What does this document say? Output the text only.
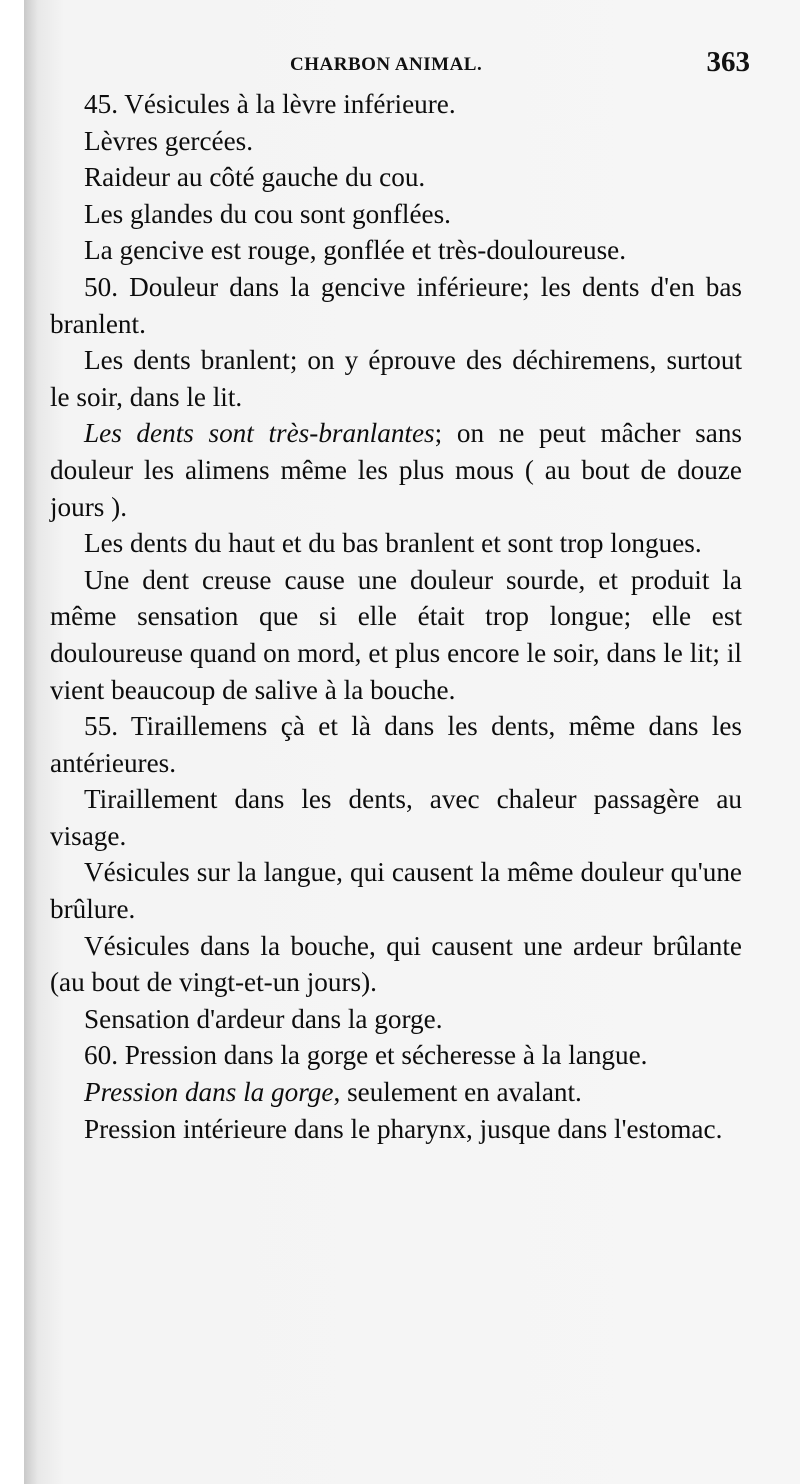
CHARBON ANIMAL.	363

45. Vésicules à la lèvre inférieure.

Lèvres gercées.

Raideur au côté gauche du cou.

Les glandes du cou sont gonflées.

La gencive est rouge, gonflée et très-douloureuse.

50. Douleur dans la gencive inférieure; les dents d'en bas branlent.

Les dents branlent; on y éprouve des déchiremens, surtout le soir, dans le lit.

Les dents sont très-branlantes; on ne peut mâcher sans douleur les alimens même les plus mous ( au bout de douze jours ).

Les dents du haut et du bas branlent et sont trop longues.

Une dent creuse cause une douleur sourde, et produit la même sensation que si elle était trop longue; elle est douloureuse quand on mord, et plus encore le soir, dans le lit; il vient beaucoup de salive à la bouche.

55. Tiraillemens çà et là dans les dents, même dans les antérieures.

Tiraillement dans les dents, avec chaleur passagère au visage.

Vésicules sur la langue, qui causent la même douleur qu'une brûlure.

Vésicules dans la bouche, qui causent une ardeur brûlante (au bout de vingt-et-un jours).

Sensation d'ardeur dans la gorge.

60. Pression dans la gorge et sécheresse à la langue.

Pression dans la gorge, seulement en avalant.

Pression intérieure dans le pharynx, jusque dans l'estomac.
